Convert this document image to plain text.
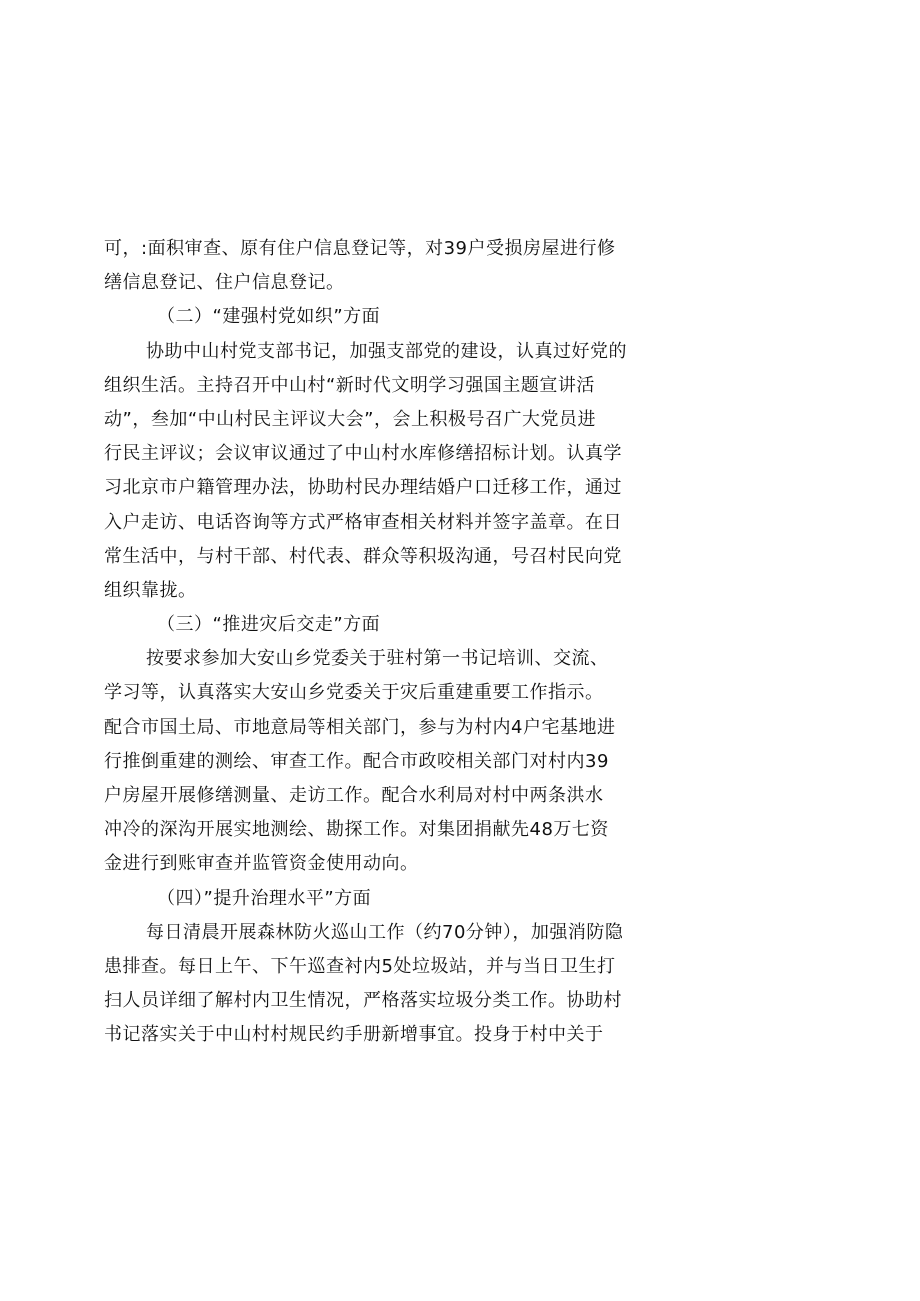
可，:面积审查、原有住户信息登记等，对39户受损房屋进行修
缮信息登记、住户信息登记。
（二）“建强村党如织”方面
协助中山村党支部书记，加强支部党的建设，认真过好党的
组织生活。主持召开中山村“新时代文明学习强国主题宣讲活
动”，叁加“中山村民主评议大会”，会上积极号召广大党员进
行民主评议；会议审议通过了中山村水库修缮招标计划。认真学
习北京市户籍管理办法，协助村民办理结婚户口迁移工作，通过
入户走访、电话咨询等方式严格审查相关材料并签字盖章。在日
常生活中，与村干部、村代表、群众等积圾沟通，号召村民向党
组织靠拢。
（三）“推进灾后交走”方面
按要求参加大安山乡党委关于驻村第一书记培训、交流、
学习等，认真落实大安山乡党委关于灾后重建重要工作指示。
配合市国土局、市地意局等相关部门，参与为村内4户宅基地进
行推倒重建的测绘、审查工作。配合市政咬相关部门对村内39
户房屋开展修缮测量、走访工作。配合水利局对村中两条洪水
冲冷的深沟开展实地测绘、勘探工作。对集团捐献先48万七资
金进行到账审查并监管资金使用动向。
（四）”提升治理水平”方面
每日清晨开展森林防火巡山工作（约70分钟），加强消防隐
患排查。每日上午、下午巡查衬内5处垃圾站，并与当日卫生打
扫人员详细了解村内卫生情况，严格落实垃圾分类工作。协助村
书记落实关于中山村村规民约手册新增事宜。投身于村中关于
